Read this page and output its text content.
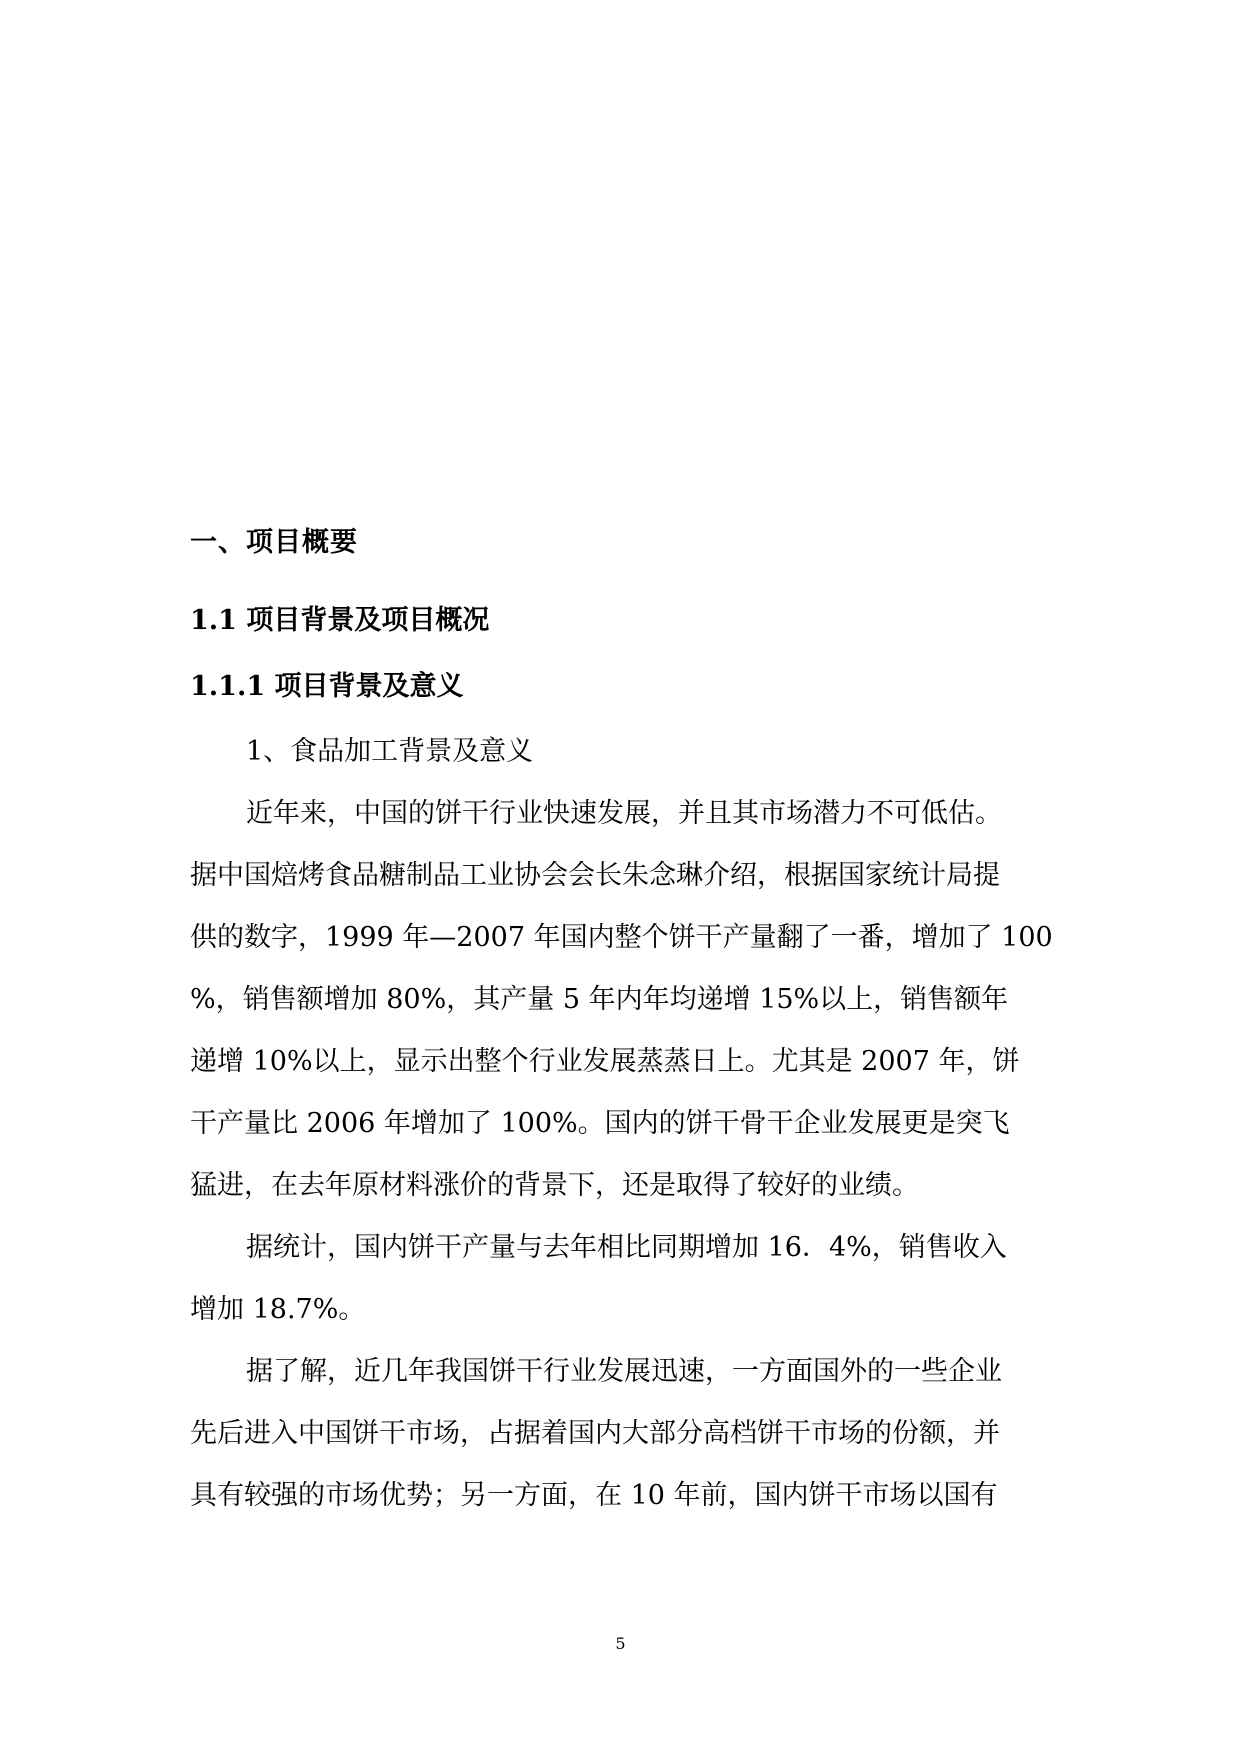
一、项目概要
1.1 项目背景及项目概况
1.1.1 项目背景及意义
1、食品加工背景及意义
近年来，中国的饼干行业快速发展，并且其市场潜力不可低估。
据中国焙烤食品糖制品工业协会会长朱念琳介绍，根据国家统计局提
供的数字，1999 年—2007 年国内整个饼干产量翻了一番，增加了 100
%，销售额增加 80%，其产量 5 年内年均递增 15%以上，销售额年
递增 10%以上，显示出整个行业发展蒸蒸日上。尤其是 2007 年，饼
干产量比 2006 年增加了 100%。国内的饼干骨干企业发展更是突飞
猛进，在去年原材料涨价的背景下，还是取得了较好的业绩。
据统计，国内饼干产量与去年相比同期增加 16．4%，销售收入
增加 18.7%。
据了解，近几年我国饼干行业发展迅速，一方面国外的一些企业
先后进入中国饼干市场，占据着国内大部分高档饼干市场的份额，并
具有较强的市场优势；另一方面，在 10 年前，国内饼干市场以国有
5
